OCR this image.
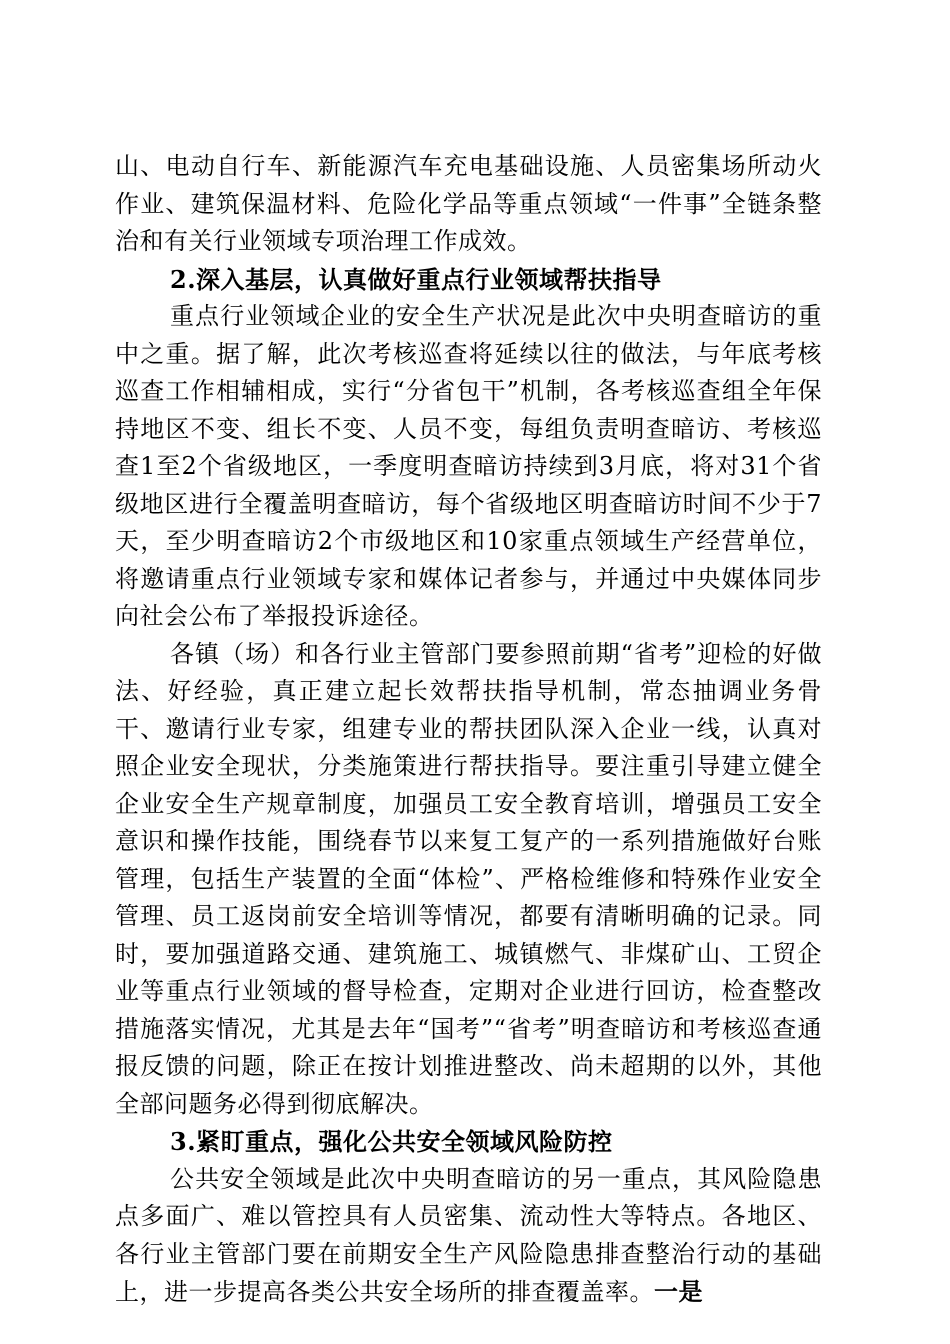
山、电动自行车、新能源汽车充电基础设施、人员密集场所动火作业、建筑保温材料、危险化学品等重点领域“一件事”全链条整治和有关行业领域专项治理工作成效。

2.深入基层，认真做好重点行业领域帮扶指导

重点行业领域企业的安全生产状况是此次中央明查暗访的重中之重。据了解，此次考核巡查将延续以往的做法，与年底考核巡查工作相辅相成，实行“分省包干”机制，各考核巡查组全年保持地区不变、组长不变、人员不变，每组负责明查暗访、考核巡查1至2个省级地区，一季度明查暗访持续到3月底，将对31个省级地区进行全覆盖明查暗访，每个省级地区明查暗访时间不少于7天，至少明查暗访2个市级地区和10家重点领域生产经营单位，将邀请重点行业领域专家和媒体记者参与，并通过中央媒体同步向社会公布了举报投诉途径。

各镇（场）和各行业主管部门要参照前期“省考”迎检的好做法、好经验，真正建立起长效帮扶指导机制，常态抽调业务骨干、邀请行业专家，组建专业的帮扶团队深入企业一线，认真对照企业安全现状，分类施策进行帮扶指导。要注重引导建立健全企业安全生产规章制度，加强员工安全教育培训，增强员工安全意识和操作技能，围绕春节以来复工复产的一系列措施做好台账管理，包括生产装置的全面“体检”、严格检维修和特殊作业安全管理、员工返岗前安全培训等情况，都要有清晰明确的记录。同时，要加强道路交通、建筑施工、城镇燃气、非煤矿山、工贸企业等重点行业领域的督导检查，定期对企业进行回访，检查整改措施落实情况，尤其是去年“国考”“省考”明查暗访和考核巡查通报反馈的问题，除正在按计划推进整改、尚未超期的以外，其他全部问题务必得到彻底解决。

3.紧盯重点，强化公共安全领域风险防控

公共安全领域是此次中央明查暗访的另一重点，其风险隐患点多面广、难以管控具有人员密集、流动性大等特点。各地区、各行业主管部门要在前期安全生产风险隐患排查整治行动的基础上，进一步提高各类公共安全场所的排查覆盖率。一是
